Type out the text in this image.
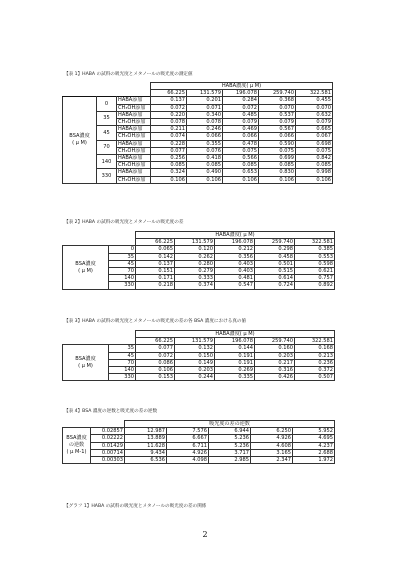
【表 1】HABA の試料の吸光度とメタノールの吸光度の測定値
			HABA濃度( μ M)				
			66.225	131.579	196.078	259.740	322.581

BSA濃度
( μ M)	0	HABA添加	0.137	0.201	0.284	0.368	0.455
		CH₃OH添加	0.072	0.071	0.072	0.070	0.070
	35	HABA添加	0.220	0.340	0.485	0.537	0.632
		CH₃OH添加	0.078	0.078	0.079	0.079	0.079
	45	HABA添加	0.211	0.246	0.469	0.567	0.665
		CH₃OH添加	0.074	0.066	0.066	0.066	0.067
	70	HABA添加	0.228	0.355	0.478	0.590	0.698
		CH₃OH添加	0.077	0.076	0.075	0.075	0.075
	140	HABA添加	0.256	0.418	0.566	0.699	0.842
		CH₃OH添加	0.085	0.085	0.085	0.085	0.085
	330	HABA添加	0.324	0.490	0.653	0.830	0.998
		CH₃OH添加	0.106	0.106	0.106	0.106	0.106
【表 2】HABA の試料の吸光度とメタノールの吸光度の差
		HABA濃度( μ M)				
		66.225	131.579	196.078	259.740	322.581

BSA濃度
( μ M)	0	0.065	0.120	0.212	0.298	0.385
	35	0.142	0.262	0.356	0.458	0.553
	45	0.137	0.280	0.403	0.501	0.598
	70	0.151	0.279	0.403	0.515	0.621
	140	0.171	0.333	0.481	0.614	0.757
	330	0.218	0.374	0.547	0.724	0.892
【表 3】HABA の試料の吸光度とメタノールの吸光度の差の各 BSA 濃度における真の値
		HABA濃度( μ M)				
		66.225	131.579	196.078	259.740	322.581

BSA濃度
( μ M)	35	0.077	0.132	0.144	0.160	0.168
	45	0.072	0.150	0.191	0.203	0.213
	70	0.086	0.149	0.191	0.217	0.236
	140	0.106	0.203	0.269	0.316	0.372
	330	0.153	0.244	0.335	0.426	0.507
【表 4】BSA 濃度の逆数と吸光度の差の逆数
		吸光度の差の逆数				

BSA濃度
の逆数
( μ M-1)	0.02857	12.987	7.576	6.944	6.250	5.952
	0.02222	13.889	6.667	5.236	4.926	4.695
	0.01429	11.628	6.711	5.236	4.608	4.237
	0.00714	9.434	4.926	3.717	3.165	2.688
	0.00303	6.536	4.098	2.985	2.347	1.972
【グラフ 1】HABA の試料の吸光度とメタノールの吸光度の差の関係
2
